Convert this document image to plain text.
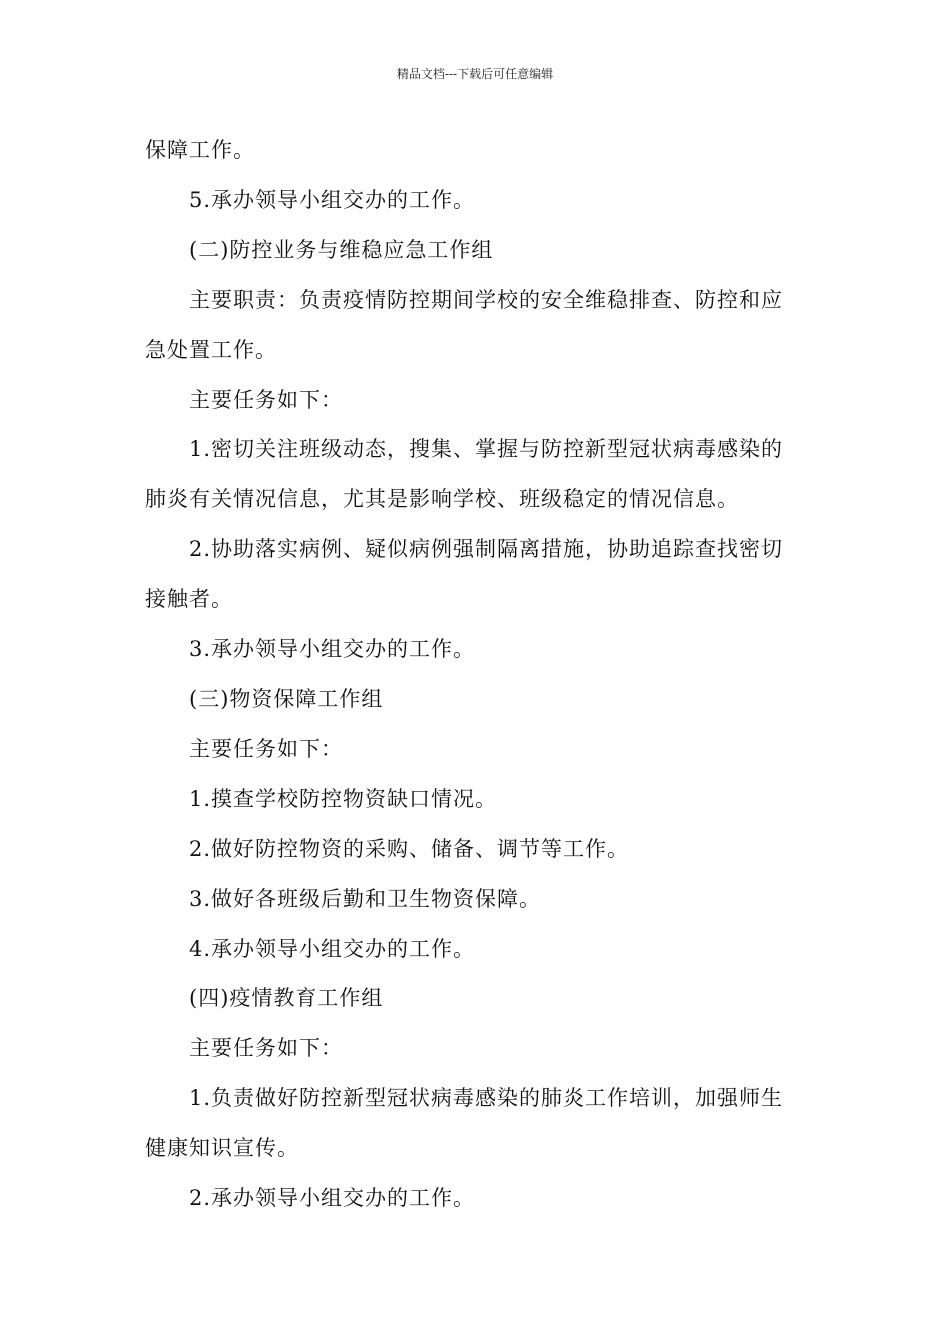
精品文档---下载后可任意编辑

保障工作。

5.承办领导小组交办的工作。

(二)防控业务与维稳应急工作组

主要职责：负责疫情防控期间学校的安全维稳排查、防控和应

急处置工作。

主要任务如下：

1.密切关注班级动态，搜集、掌握与防控新型冠状病毒感染的

肺炎有关情况信息，尤其是影响学校、班级稳定的情况信息。

2.协助落实病例、疑似病例强制隔离措施，协助追踪查找密切

接触者。

3.承办领导小组交办的工作。

(三)物资保障工作组

主要任务如下：

1.摸查学校防控物资缺口情况。

2.做好防控物资的采购、储备、调节等工作。

3.做好各班级后勤和卫生物资保障。

4.承办领导小组交办的工作。

(四)疫情教育工作组

主要任务如下：

1.负责做好防控新型冠状病毒感染的肺炎工作培训，加强师生

健康知识宣传。

2.承办领导小组交办的工作。
